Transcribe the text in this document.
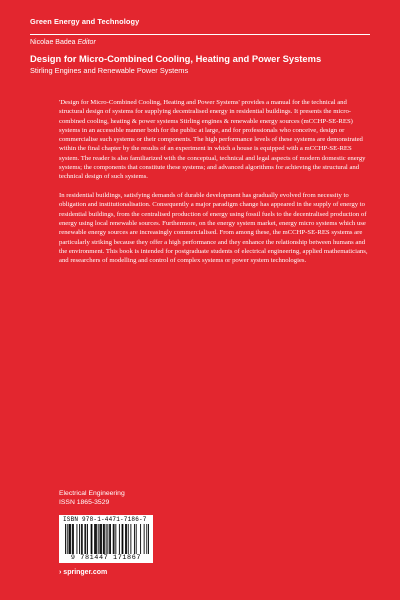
Green Energy and Technology
Nicolae Badea Editor
Design for Micro-Combined Cooling, Heating and Power Systems
Stirling Engines and Renewable Power Systems

'Design for Micro-Combined Cooling, Heating and Power Systems' provides a manual for the technical and structural design of systems for supplying decentralised energy in residential buildings. It presents the micro-combined cooling, heating & power systems Stirling engines & renewable energy sources (mCCHP-SE-RES) systems in an accessible manner both for the public at large, and for professionals who conceive, design or commercialise such systems or their components. The high performance levels of these systems are demonstrated within the final chapter by the results of an experiment in which a house is equipped with a mCCHP-SE-RES system. The reader is also familiarized with the conceptual, technical and legal aspects of modern domestic energy systems; the components that constitute these systems; and advanced algorithms for achieving the structural and technical design of such systems.

In residential buildings, satisfying demands of durable development has gradually evolved from necessity to obligation and institutionalisation. Consequently a major paradigm change has appeared in the supply of energy to residential buildings, from the centralised production of energy using fossil fuels to the decentralised production of energy using local renewable sources. Furthermore, on the energy system market, energy micro systems which use renewable energy sources are increasingly commercialised. From among these, the mCCHP-SE-RES systems are particularly striking because they offer a high performance and they enhance the relationship between humans and the environment. This book is intended for postgraduate students of electrical engineering, applied mathematicians, and researchers of modelling and control of complex systems or power system technologies.

Electrical Engineering
ISSN 1865-3529
ISBN 978-1-4471-7186-7
9 781447 171867
› springer.com
